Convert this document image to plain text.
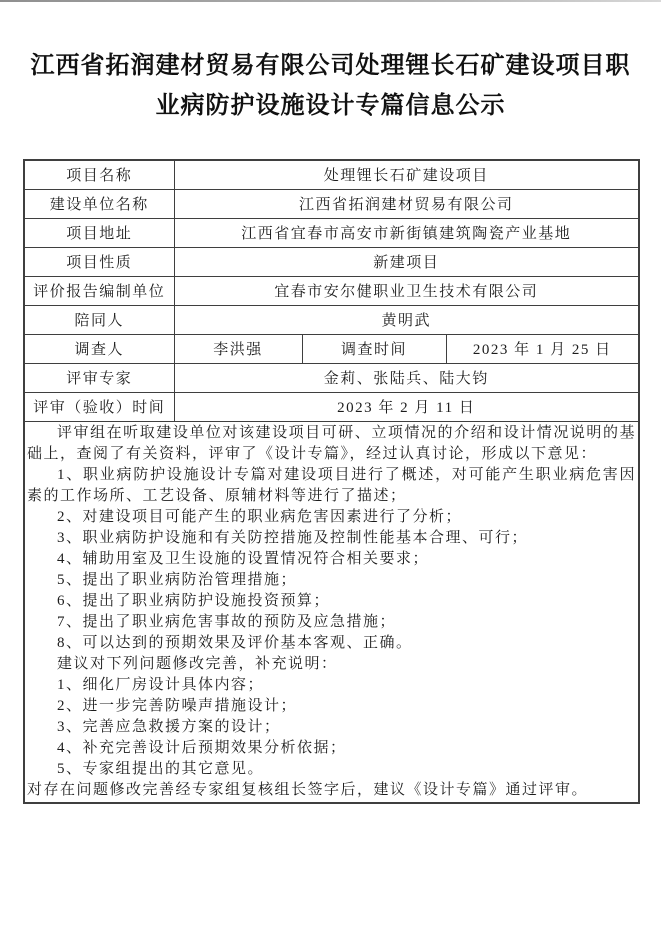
江西省拓润建材贸易有限公司处理锂长石矿建设项目职业病防护设施设计专篇信息公示
项目名称	处理锂长石矿建设项目		
建设单位名称	江西省拓润建材贸易有限公司		
项目地址	江西省宜春市高安市新街镇建筑陶瓷产业基地		
项目性质	新建项目		
评价报告编制单位	宜春市安尔健职业卫生技术有限公司		
陪同人	黄明武		
调查人	李洪强	调查时间	2023 年 1 月 25 日
评审专家	金莉、张陆兵、陆大钧		
评审（验收）时间	2023 年 2 月 11 日		

评审组在听取建设单位对该建设项目可研、立项情况的介绍和设计情况说明的基础上，查阅了有关资料，评审了《设计专篇》，经过认真讨论，形成以下意见：

1、职业病防护设施设计专篇对建设项目进行了概述，对可能产生职业病危害因素的工作场所、工艺设备、原辅材料等进行了描述；

2、对建设项目可能产生的职业病危害因素进行了分析；

3、职业病防护设施和有关防控措施及控制性能基本合理、可行；

4、辅助用室及卫生设施的设置情况符合相关要求；

5、提出了职业病防治管理措施；

6、提出了职业病防护设施投资预算；

7、提出了职业病危害事故的预防及应急措施；

8、可以达到的预期效果及评价基本客观、正确。

建议对下列问题修改完善，补充说明：

1、细化厂房设计具体内容；

2、进一步完善防噪声措施设计；

3、完善应急救援方案的设计；

4、补充完善设计后预期效果分析依据；

5、专家组提出的其它意见。

对存在问题修改完善经专家组复核组长签字后，建议《设计专篇》通过评审。
